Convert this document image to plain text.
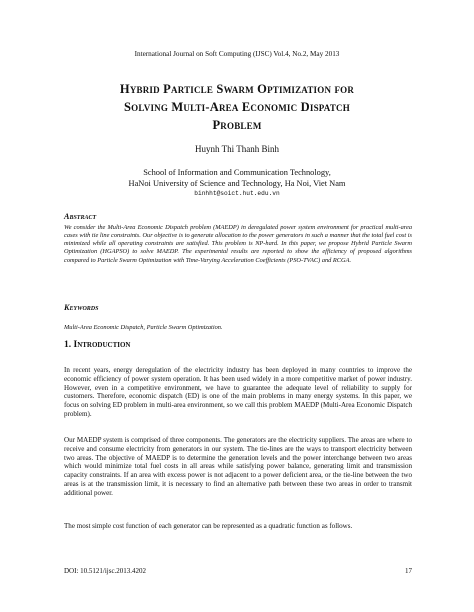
International Journal on Soft Computing (IJSC) Vol.4, No.2, May 2013
Hybrid Particle Swarm Optimization for
Solving Multi-Area Economic Dispatch
Problem
Huynh Thi Thanh Binh
School of Information and Communication Technology,
HaNoi University of Science and Technology, Ha Noi, Viet Nam
binhht@soict.hut.edu.vn
Abstract
We consider the Multi-Area Economic Dispatch problem (MAEDP) in deregulated power system environment for practical multi-area cases with tie line constraints. Our objective is to generate allocation to the power generators in such a manner that the total fuel cost is minimized while all operating constraints are satisfied. This problem is NP-hard. In this paper, we propose Hybrid Particle Swarm Optimization (HGAPSO) to solve MAEDP. The experimental results are reported to show the efficiency of proposed algorithms compared to Particle Swarm Optimization with Time-Varying Acceleration Coefficients (PSO-TVAC) and RCGA.
Keywords
Multi-Area Economic Dispatch, Particle Swarm Optimization.
1. Introduction
In recent years, energy deregulation of the electricity industry has been deployed in many countries to improve the economic efficiency of power system operation. It has been used widely in a more competitive market of power industry. However, even in a competitive environment, we have to guarantee the adequate level of reliability to supply for customers. Therefore, economic dispatch (ED) is one of the main problems in many energy systems. In this paper, we focus on solving ED problem in multi-area environment, so we call this problem MAEDP (Multi-Area Economic Dispatch problem).
Our MAEDP system is comprised of three components. The generators are the electricity suppliers. The areas are where to receive and consume electricity from generators in our system. The tie-lines are the ways to transport electricity between two areas. The objective of MAEDP is to determine the generation levels and the power interchange between two areas which would minimize total fuel costs in all areas while satisfying power balance, generating limit and transmission capacity constraints. If an area with excess power is not adjacent to a power deficient area, or the tie-line between the two areas is at the transmission limit, it is necessary to find an alternative path between these two areas in order to transmit additional power.
The most simple cost function of each generator can be represented as a quadratic function as follows.
DOI: 10.5121/ijsc.2013.4202	17
